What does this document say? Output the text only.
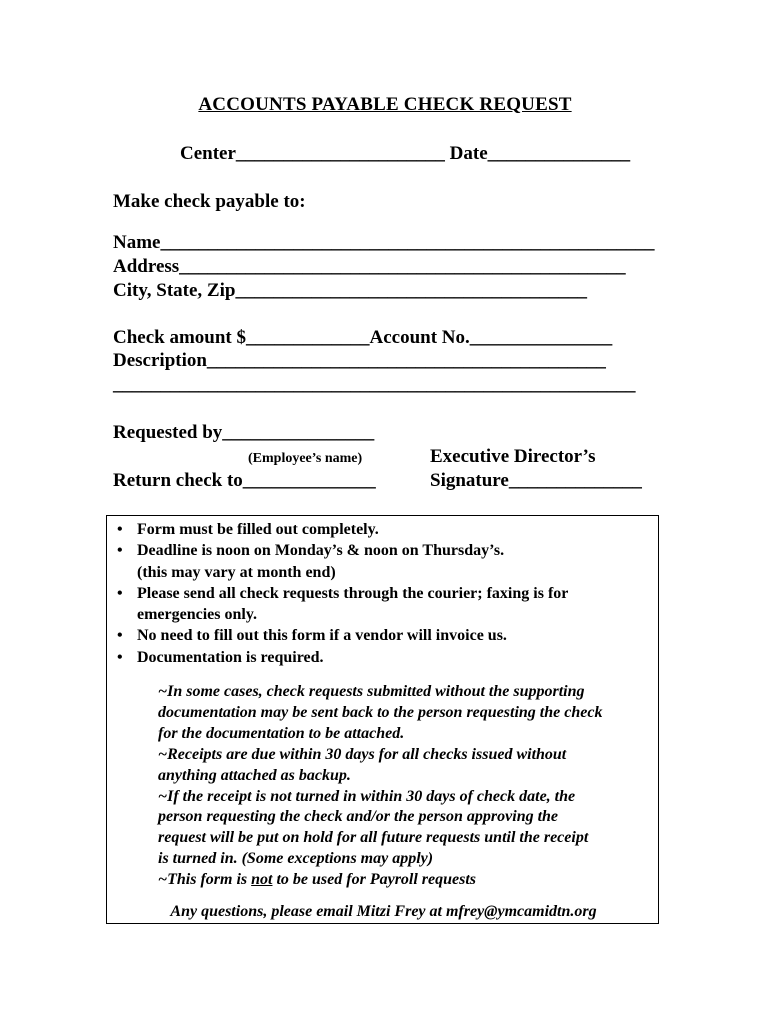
ACCOUNTS PAYABLE CHECK REQUEST
Center______________________ Date_______________
Make check payable to:
Name____________________________________________________
Address_______________________________________________
City, State, Zip_____________________________________
Check amount $_____________Account No._______________
Description__________________________________________
_______________________________________________________
Requested by________________
(Employee’s name)
Return check to______________
Executive Director’s
Signature______________
• Form must be filled out completely.
• Deadline is noon on Monday’s & noon on Thursday’s.
(this may vary at month end)
• Please send all check requests through the courier; faxing is for
emergencies only.
• No need to fill out this form if a vendor will invoice us.
• Documentation is required.
~In some cases, check requests submitted without the supporting
documentation may be sent back to the person requesting the check
for the documentation to be attached.
~Receipts are due within 30 days for all checks issued without
anything attached as backup.
~If the receipt is not turned in within 30 days of check date, the
person requesting the check and/or the person approving the
request will be put on hold for all future requests until the receipt
is turned in. (Some exceptions may apply)
~This form is not to be used for Payroll requests
Any questions, please email Mitzi Frey at mfrey@ymcamidtn.org
